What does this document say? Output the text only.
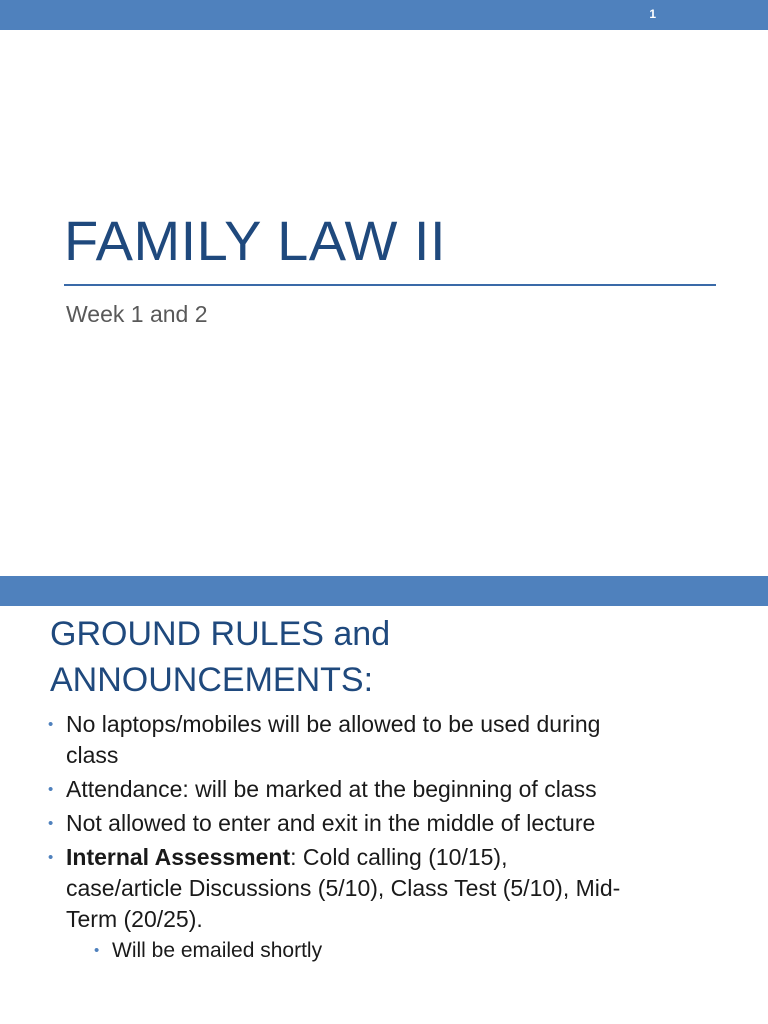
1
FAMILY LAW II
Week 1 and 2
GROUND RULES and
ANNOUNCEMENTS:
• No laptops/mobiles will be allowed to be used during class
• Attendance: will be marked at the beginning of class
• Not allowed to enter and exit in the middle of lecture
• Internal Assessment: Cold calling (10/15), case/article Discussions (5/10), Class Test (5/10), Mid-Term (20/25).
• Will be emailed shortly
